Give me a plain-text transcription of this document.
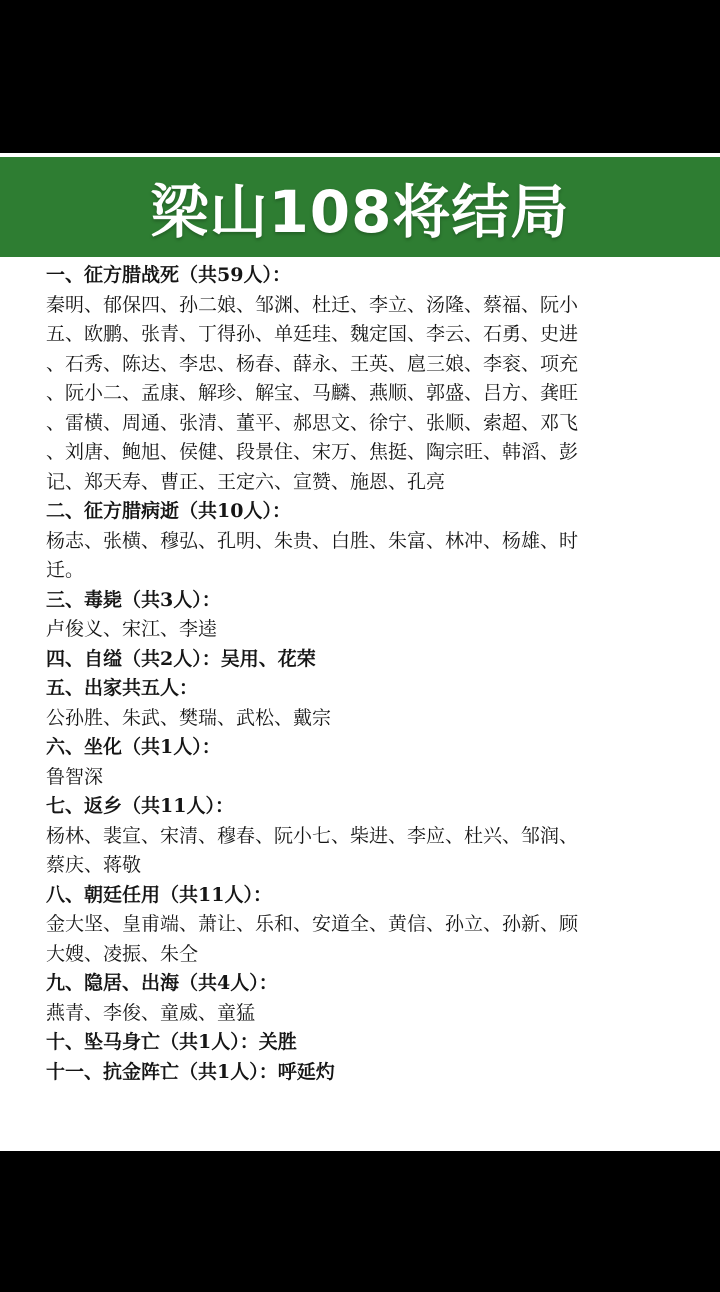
梁山108将结局
一、征方腊战死（共59人）：
秦明、郁保四、孙二娘、邹渊、杜迁、李立、汤隆、蔡福、阮小
五、欧鹏、张青、丁得孙、单廷珪、魏定国、李云、石勇、史进
、石秀、陈达、李忠、杨春、薛永、王英、扈三娘、李衮、项充
、阮小二、孟康、解珍、解宝、马麟、燕顺、郭盛、吕方、龚旺
、雷横、周通、张清、董平、郝思文、徐宁、张顺、索超、邓飞
、刘唐、鲍旭、侯健、段景住、宋万、焦挺、陶宗旺、韩滔、彭
记、郑天寿、曹正、王定六、宣赞、施恩、孔亮
二、征方腊病逝（共10人）：
杨志、张横、穆弘、孔明、朱贵、白胜、朱富、林冲、杨雄、时
迁。
三、毒毙（共3人）：
卢俊义、宋江、李逵
四、自缢（共2人）：吴用、花荣
五、出家共五人：
公孙胜、朱武、樊瑞、武松、戴宗
六、坐化（共1人）：
鲁智深
七、返乡（共11人）：
杨林、裴宣、宋清、穆春、阮小七、柴进、李应、杜兴、邹润、
蔡庆、蒋敬
八、朝廷任用（共11人）：
金大坚、皇甫端、萧让、乐和、安道全、黄信、孙立、孙新、顾
大嫂、凌振、朱仝
九、隐居、出海（共4人）：
燕青、李俊、童威、童猛
十、坠马身亡（共1人）：关胜
十一、抗金阵亡（共1人）：呼延灼
